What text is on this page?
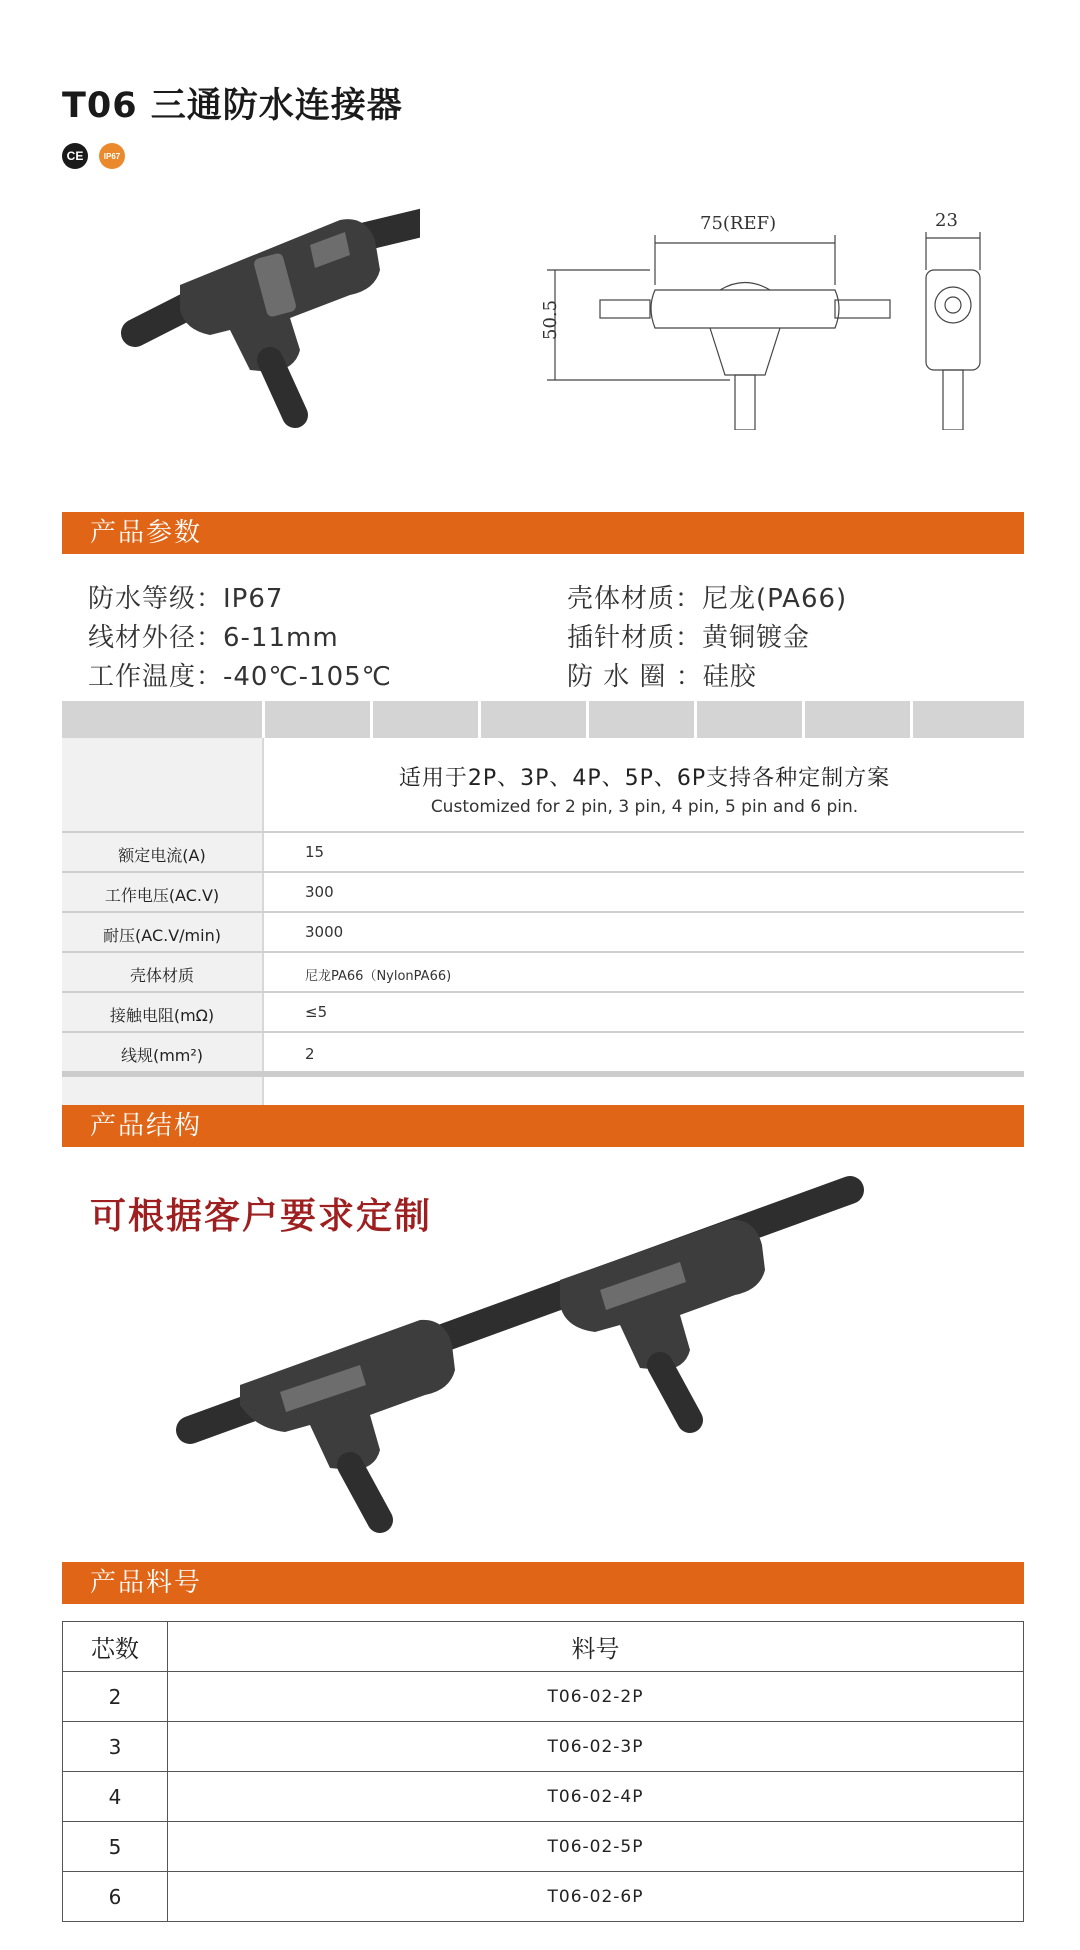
T06 三通防水连接器
CE	IP67
75(REF)
50.5
23
产品参数
防水等级：IP67
线材外径：6-11mm
工作温度：-40℃-105℃
壳体材质：尼龙(PA66)
插针材质：黄铜镀金
防 水 圈 ：硅胶
额定电流(A)	15
工作电压(AC.V)	300
耐压(AC.V/min)	3000
壳体材质	尼龙PA66（NylonPA66)
接触电阻(mΩ)	≤5
线规(mm²)	2
适用于2P、3P、4P、5P、6P支持各种定制方案
Customized for 2 pin, 3 pin, 4 pin, 5 pin and 6 pin.
产品结构
可根据客户要求定制
产品料号
芯数	料号
2	T06-02-2P
3	T06-02-3P
4	T06-02-4P
5	T06-02-5P
6	T06-02-6P
